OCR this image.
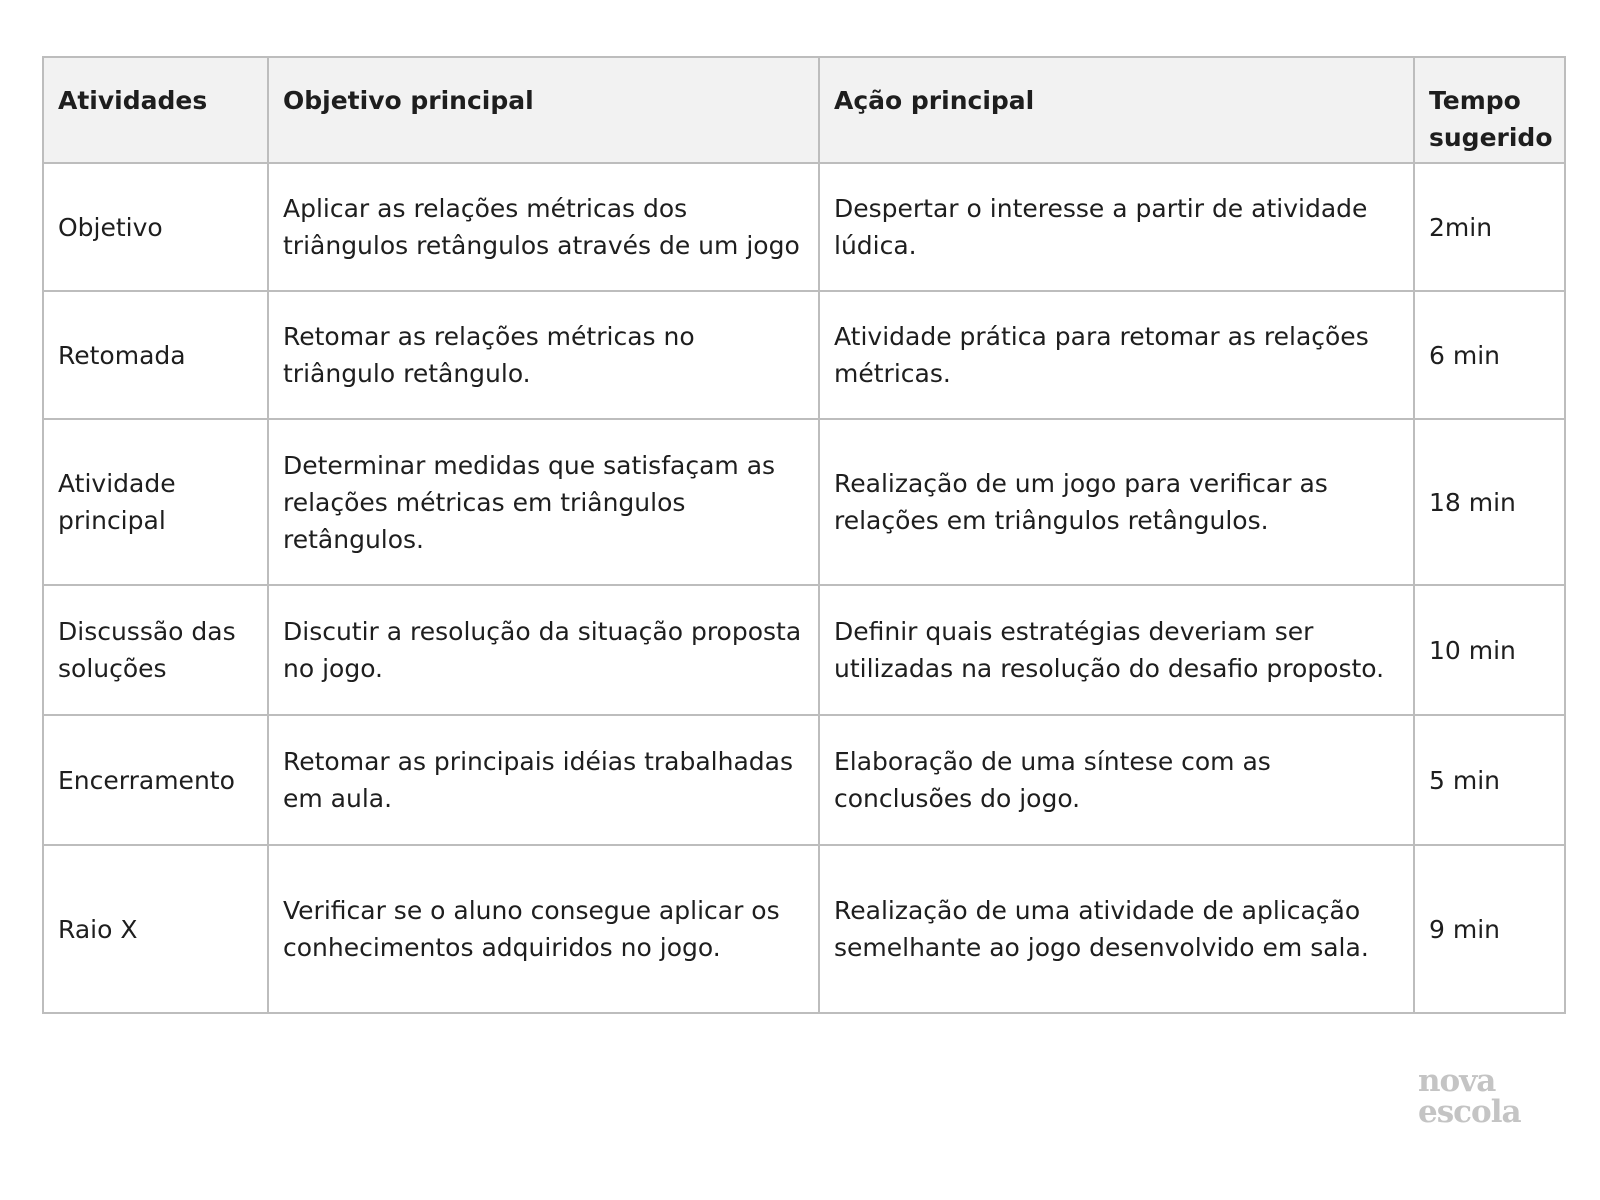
Atividades	Objetivo principal	Ação principal	Tempo sugerido
Objetivo	Aplicar as relações métricas dos triângulos retângulos através de um jogo	Despertar o interesse a partir de atividade lúdica.	2min
Retomada	Retomar as relações métricas no triângulo retângulo.	Atividade prática para retomar as relações métricas.	6 min
Atividade principal	Determinar medidas que satisfaçam as relações métricas em triângulos retângulos.	Realização de um jogo para verificar as relações em triângulos retângulos.	18 min
Discussão das soluções	Discutir a resolução da situação proposta no jogo.	Definir quais estratégias deveriam ser utilizadas na resolução do desafio proposto.	10 min
Encerramento	Retomar as principais idéias trabalhadas em aula.	Elaboração de uma síntese com as conclusões do jogo.	5 min
Raio X	Verificar se o aluno consegue aplicar os conhecimentos adquiridos no jogo.	Realização de uma atividade de aplicação semelhante ao jogo desenvolvido em sala.	9 min
nova
escola
